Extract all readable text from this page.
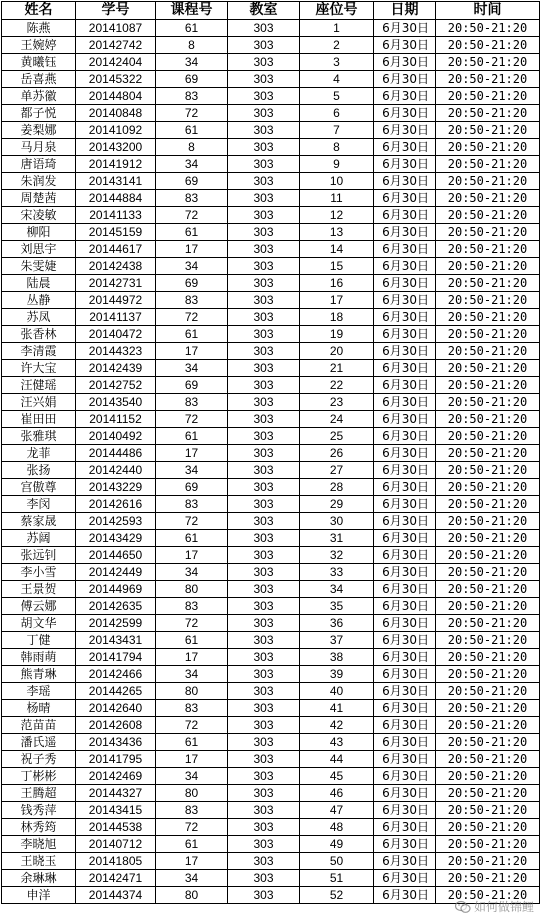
姓名	学号	课程号	教室	座位号	日期	时间
陈燕	20141087	61	303	1	6月30日	20:50-21:20
王婉婷	20142742	8	303	2	6月30日	20:50-21:20
黄曦钰	20142404	34	303	3	6月30日	20:50-21:20
岳喜燕	20145322	69	303	4	6月30日	20:50-21:20
单苏徽	20144804	83	303	5	6月30日	20:50-21:20
都子悦	20140848	72	303	6	6月30日	20:50-21:20
姜梨娜	20141092	61	303	7	6月30日	20:50-21:20
马月泉	20143200	8	303	8	6月30日	20:50-21:20
唐语琦	20141912	34	303	9	6月30日	20:50-21:20
朱润发	20143141	69	303	10	6月30日	20:50-21:20
周楚茜	20144884	83	303	11	6月30日	20:50-21:20
宋凌敏	20141133	72	303	12	6月30日	20:50-21:20
柳阳	20145159	61	303	13	6月30日	20:50-21:20
刘思宇	20144617	17	303	14	6月30日	20:50-21:20
朱雯婕	20142438	34	303	15	6月30日	20:50-21:20
陆晨	20142731	69	303	16	6月30日	20:50-21:20
丛静	20144972	83	303	17	6月30日	20:50-21:20
苏凤	20141137	72	303	18	6月30日	20:50-21:20
张香林	20140472	61	303	19	6月30日	20:50-21:20
李清霞	20144323	17	303	20	6月30日	20:50-21:20
许大宝	20142439	34	303	21	6月30日	20:50-21:20
汪健瑶	20142752	69	303	22	6月30日	20:50-21:20
汪兴娟	20143540	83	303	23	6月30日	20:50-21:20
崔田田	20141152	72	303	24	6月30日	20:50-21:20
张雅琪	20140492	61	303	25	6月30日	20:50-21:20
龙菲	20144486	17	303	26	6月30日	20:50-21:20
张扬	20142440	34	303	27	6月30日	20:50-21:20
宫傲尊	20143229	69	303	28	6月30日	20:50-21:20
李闵	20142616	83	303	29	6月30日	20:50-21:20
蔡家晟	20142593	72	303	30	6月30日	20:50-21:20
苏阔	20143429	61	303	31	6月30日	20:50-21:20
张远钊	20144650	17	303	32	6月30日	20:50-21:20
李小雪	20142449	34	303	33	6月30日	20:50-21:20
王景贺	20144969	80	303	34	6月30日	20:50-21:20
傅云娜	20142635	83	303	35	6月30日	20:50-21:20
胡文华	20142599	72	303	36	6月30日	20:50-21:20
丁健	20143431	61	303	37	6月30日	20:50-21:20
韩雨萌	20141794	17	303	38	6月30日	20:50-21:20
熊青琳	20142466	34	303	39	6月30日	20:50-21:20
李瑶	20144265	80	303	40	6月30日	20:50-21:20
杨晴	20142640	83	303	41	6月30日	20:50-21:20
范苗苗	20142608	72	303	42	6月30日	20:50-21:20
潘氏遥	20143436	61	303	43	6月30日	20:50-21:20
祝子秀	20141795	17	303	44	6月30日	20:50-21:20
丁彬彬	20142469	34	303	45	6月30日	20:50-21:20
王腾超	20144327	80	303	46	6月30日	20:50-21:20
钱秀萍	20143415	83	303	47	6月30日	20:50-21:20
林秀筠	20144538	72	303	48	6月30日	20:50-21:20
李晓旭	20140712	61	303	49	6月30日	20:50-21:20
王晓玉	20141805	17	303	50	6月30日	20:50-21:20
余琳琳	20142471	34	303	51	6月30日	20:50-21:20
申洋	20144374	80	303	52	6月30日	20:50-21:20
如何做锦鲤
